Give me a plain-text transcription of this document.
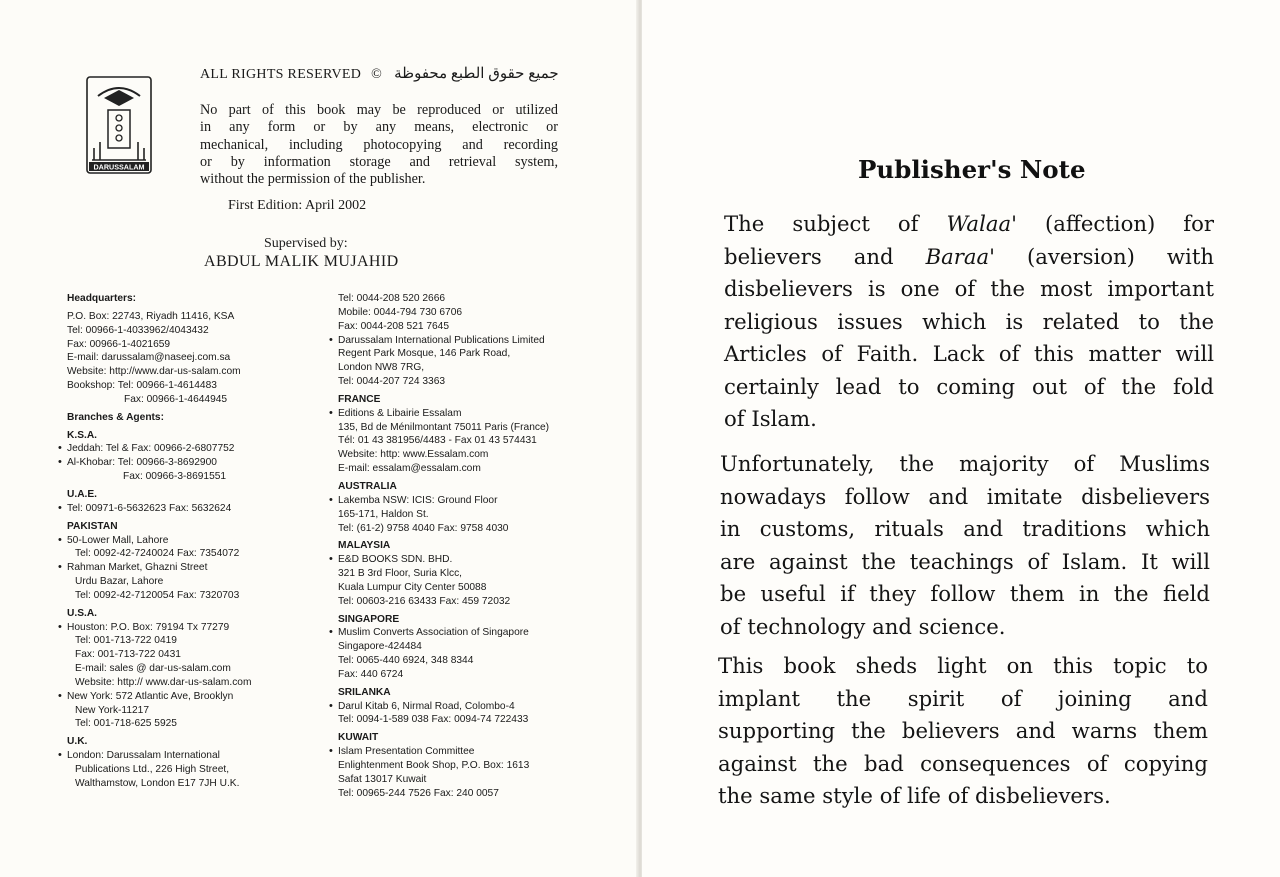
DARUSSALAM
ALL RIGHTS RESERVED © جميع حقوق الطبع محفوظة

No part of this book may be reproduced or utilized
in any form or by any means, electronic or
mechanical, including photocopying and recording
or by information storage and retrieval system,
without the permission of the publisher.

First Edition: April 2002
Supervised by:
ABDUL MALIK MUJAHID
Headquarters:
P.O. Box: 22743, Riyadh 11416, KSA
Tel: 00966-1-4033962/4043432
Fax: 00966-1-4021659
E-mail: darussalam@naseej.com.sa
Website: http://www.dar-us-salam.com
Bookshop: Tel: 00966-1-4614483
Fax: 00966-1-4644945
Branches & Agents:
K.S.A.
• Jeddah: Tel & Fax: 00966-2-6807752
• Al-Khobar: Tel: 00966-3-8692900
Fax: 00966-3-8691551
U.A.E.
• Tel: 00971-6-5632623 Fax: 5632624
PAKISTAN
• 50-Lower Mall, Lahore
Tel: 0092-42-7240024 Fax: 7354072
• Rahman Market, Ghazni Street
Urdu Bazar, Lahore
Tel: 0092-42-7120054 Fax: 7320703
U.S.A.
• Houston: P.O. Box: 79194 Tx 77279
Tel: 001-713-722 0419
Fax: 001-713-722 0431
E-mail: sales @ dar-us-salam.com
Website: http:// www.dar-us-salam.com
• New York: 572 Atlantic Ave, Brooklyn
New York-11217
Tel: 001-718-625 5925
U.K.
• London: Darussalam International
Publications Ltd., 226 High Street,
Walthamstow, London E17 7JH U.K.
Tel: 0044-208 520 2666
Mobile: 0044-794 730 6706
Fax: 0044-208 521 7645
• Darussalam International Publications Limited
Regent Park Mosque, 146 Park Road,
London NW8 7RG,
Tel: 0044-207 724 3363
FRANCE
• Editions & Libairie Essalam
135, Bd de Ménilmontant 75011 Paris (France)
Tél: 01 43 381956/4483 - Fax 01 43 574431
Website: http: www.Essalam.com
E-mail: essalam@essalam.com
AUSTRALIA
• Lakemba NSW: ICIS: Ground Floor
165-171, Haldon St.
Tel: (61-2) 9758 4040 Fax: 9758 4030
MALAYSIA
• E&D BOOKS SDN. BHD.
321 B 3rd Floor, Suria Klcc,
Kuala Lumpur City Center 50088
Tel: 00603-216 63433 Fax: 459 72032
SINGAPORE
• Muslim Converts Association of Singapore
Singapore-424484
Tel: 0065-440 6924, 348 8344
Fax: 440 6724
SRILANKA
• Darul Kitab 6, Nirmal Road, Colombo-4
Tel: 0094-1-589 038 Fax: 0094-74 722433
KUWAIT
• Islam Presentation Committee
Enlightenment Book Shop, P.O. Box: 1613
Safat 13017 Kuwait
Tel: 00965-244 7526 Fax: 240 0057
Publisher's Note

The subject of Walaa' (affection) for
believers and Baraa' (aversion) with
disbelievers is one of the most important
religious issues which is related to the
Articles of Faith. Lack of this matter will
certainly lead to coming out of the fold
of Islam.

Unfortunately, the majority of Muslims
nowadays follow and imitate disbelievers
in customs, rituals and traditions which
are against the teachings of Islam. It will
be useful if they follow them in the field
of technology and science.

This book sheds light on this topic to
implant the spirit of joining and
supporting the believers and warns them
against the bad consequences of copying
the same style of life of disbelievers.
